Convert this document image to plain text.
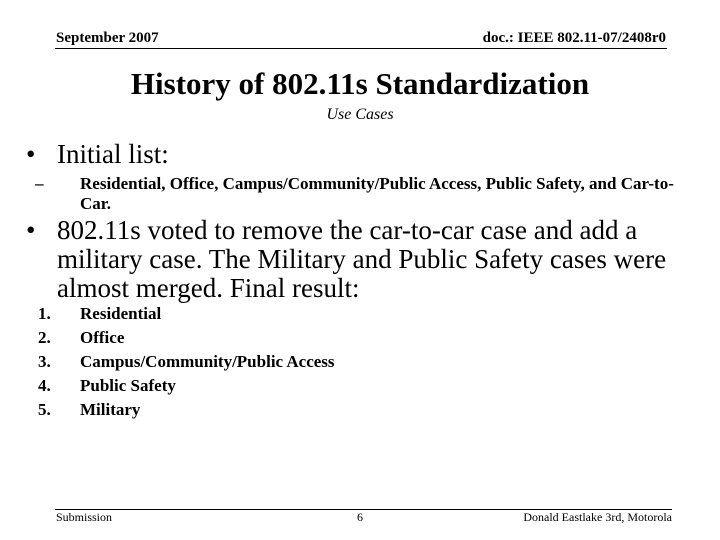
September 2007	doc.: IEEE 802.11-07/2408r0
History of 802.11s Standardization
Use Cases
• Initial list:
– Residential, Office, Campus/Community/Public Access, Public Safety, and Car-to-Car.
• 802.11s voted to remove the car-to-car case and add a military case. The Military and Public Safety cases were almost merged. Final result:
1. Residential
2. Office
3. Campus/Community/Public Access
4. Public Safety
5. Military
Submission	6	Donald Eastlake 3rd, Motorola
